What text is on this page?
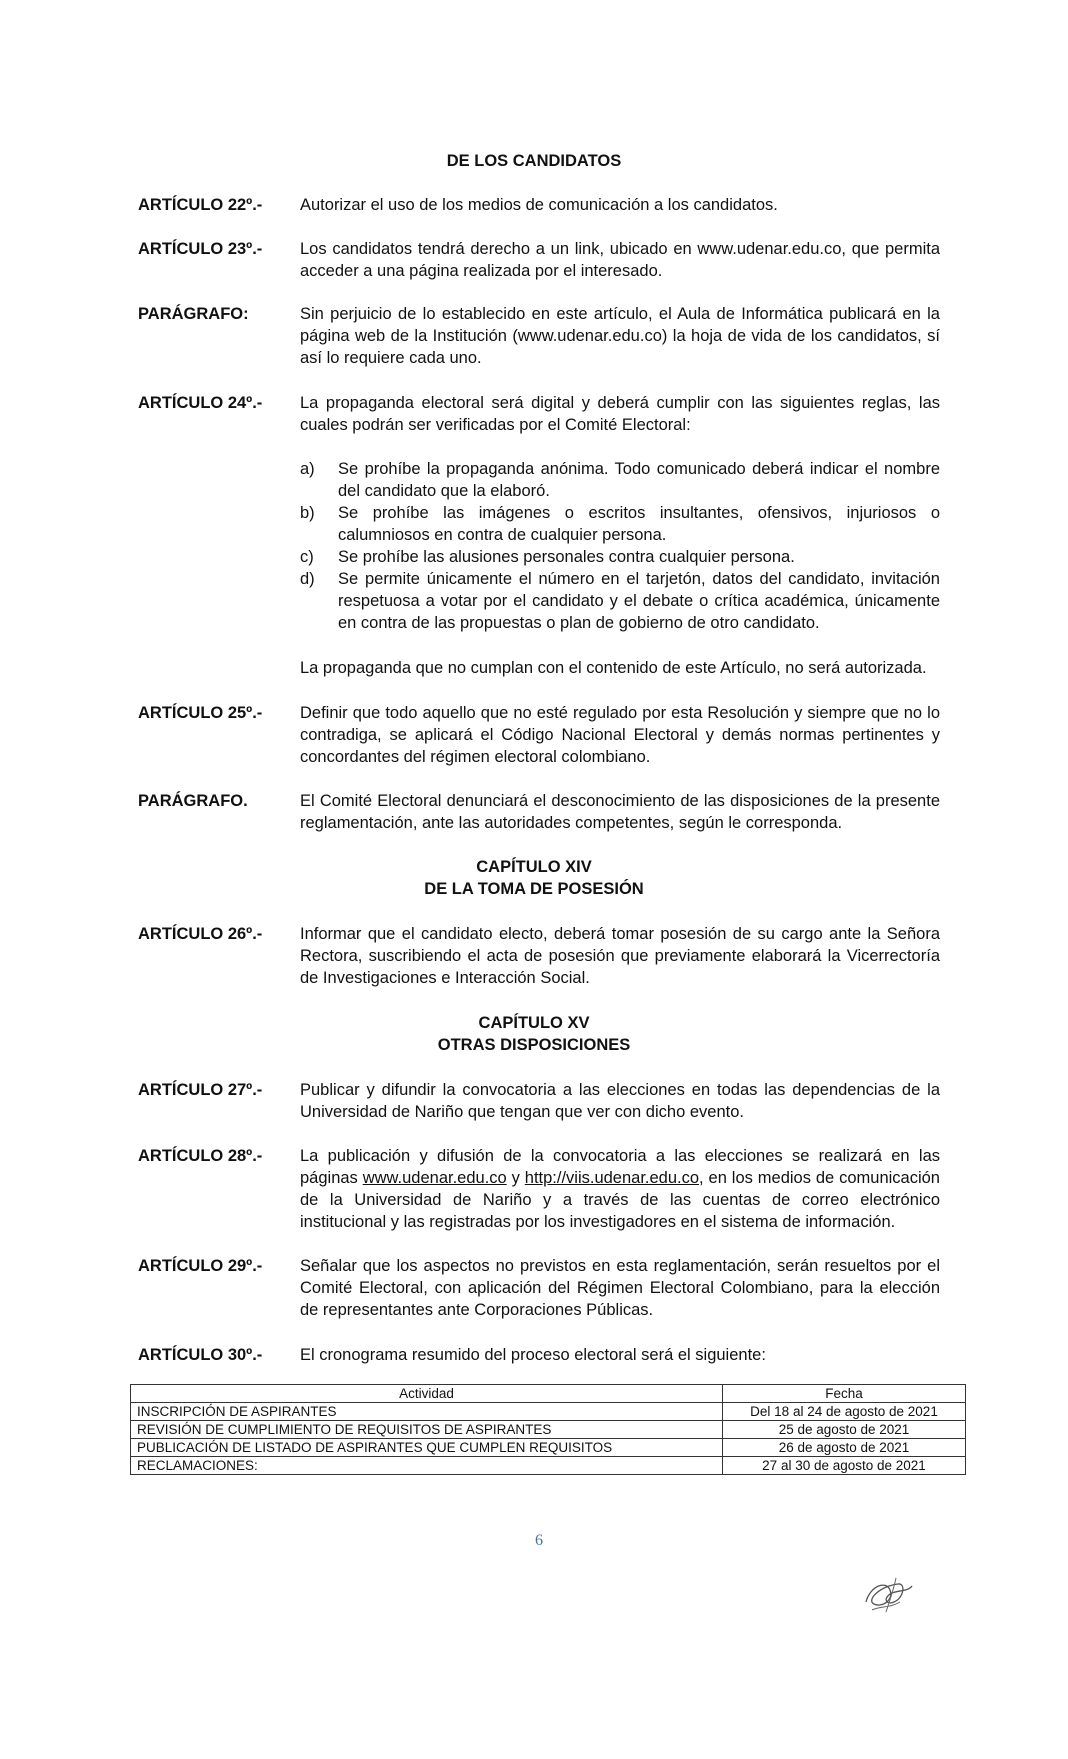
DE LOS CANDIDATOS
ARTÍCULO 22º.- Autorizar el uso de los medios de comunicación a los candidatos.
ARTÍCULO 23º.- Los candidatos tendrá derecho a un link, ubicado en www.udenar.edu.co, que permita acceder a una página realizada por el interesado.
PARÁGRAFO:	Sin perjuicio de lo establecido en este artículo, el Aula de Informática publicará en la página web de la Institución (www.udenar.edu.co) la hoja de vida de los candidatos, sí así lo requiere cada uno.
ARTÍCULO 24º.- La propaganda electoral será digital y deberá cumplir con las siguientes reglas, las cuales podrán ser verificadas por el Comité Electoral:
a)	Se prohíbe la propaganda anónima. Todo comunicado deberá indicar el nombre del candidato que la elaboró.
b)	Se prohíbe las imágenes o escritos insultantes, ofensivos, injuriosos o calumniosos en contra de cualquier persona.
c)	Se prohíbe las alusiones personales contra cualquier persona.
d)	Se permite únicamente el número en el tarjetón, datos del candidato, invitación respetuosa a votar por el candidato y el debate o crítica académica, únicamente en contra de las propuestas o plan de gobierno de otro candidato.
La propaganda que no cumplan con el contenido de este Artículo, no será autorizada.
ARTÍCULO 25º.- Definir que todo aquello que no esté regulado por esta Resolución y siempre que no lo contradiga, se aplicará el Código Nacional Electoral y demás normas pertinentes y concordantes del régimen electoral colombiano.
PARÁGRAFO.	El Comité Electoral denunciará el desconocimiento de las disposiciones de la presente reglamentación, ante las autoridades competentes, según le corresponda.
CAPÍTULO XIV
DE LA TOMA DE POSESIÓN
ARTÍCULO 26º.- Informar que el candidato electo, deberá tomar posesión de su cargo ante la Señora Rectora, suscribiendo el acta de posesión que previamente elaborará la Vicerrectoría de Investigaciones e Interacción Social.
CAPÍTULO XV
OTRAS DISPOSICIONES
ARTÍCULO 27º.- Publicar y difundir la convocatoria a las elecciones en todas las dependencias de la Universidad de Nariño que tengan que ver con dicho evento.
ARTÍCULO 28º.- La publicación y difusión de la convocatoria a las elecciones se realizará en las páginas www.udenar.edu.co y http://viis.udenar.edu.co, en los medios de comunicación de la Universidad de Nariño y a través de las cuentas de correo electrónico institucional y las registradas por los investigadores en el sistema de información.
ARTÍCULO 29º.- Señalar que los aspectos no previstos en esta reglamentación, serán resueltos por el Comité Electoral, con aplicación del Régimen Electoral Colombiano, para la elección de representantes ante Corporaciones Públicas.
ARTÍCULO 30º.- El cronograma resumido del proceso electoral será el siguiente:
Actividad	Fecha
INSCRIPCIÓN DE ASPIRANTES	Del 18 al 24 de agosto de 2021
REVISIÓN DE CUMPLIMIENTO DE REQUISITOS DE ASPIRANTES	25 de agosto de 2021
PUBLICACIÓN DE LISTADO DE ASPIRANTES QUE CUMPLEN REQUISITOS	26 de agosto de 2021
RECLAMACIONES:	27 al 30 de agosto de 2021
6
